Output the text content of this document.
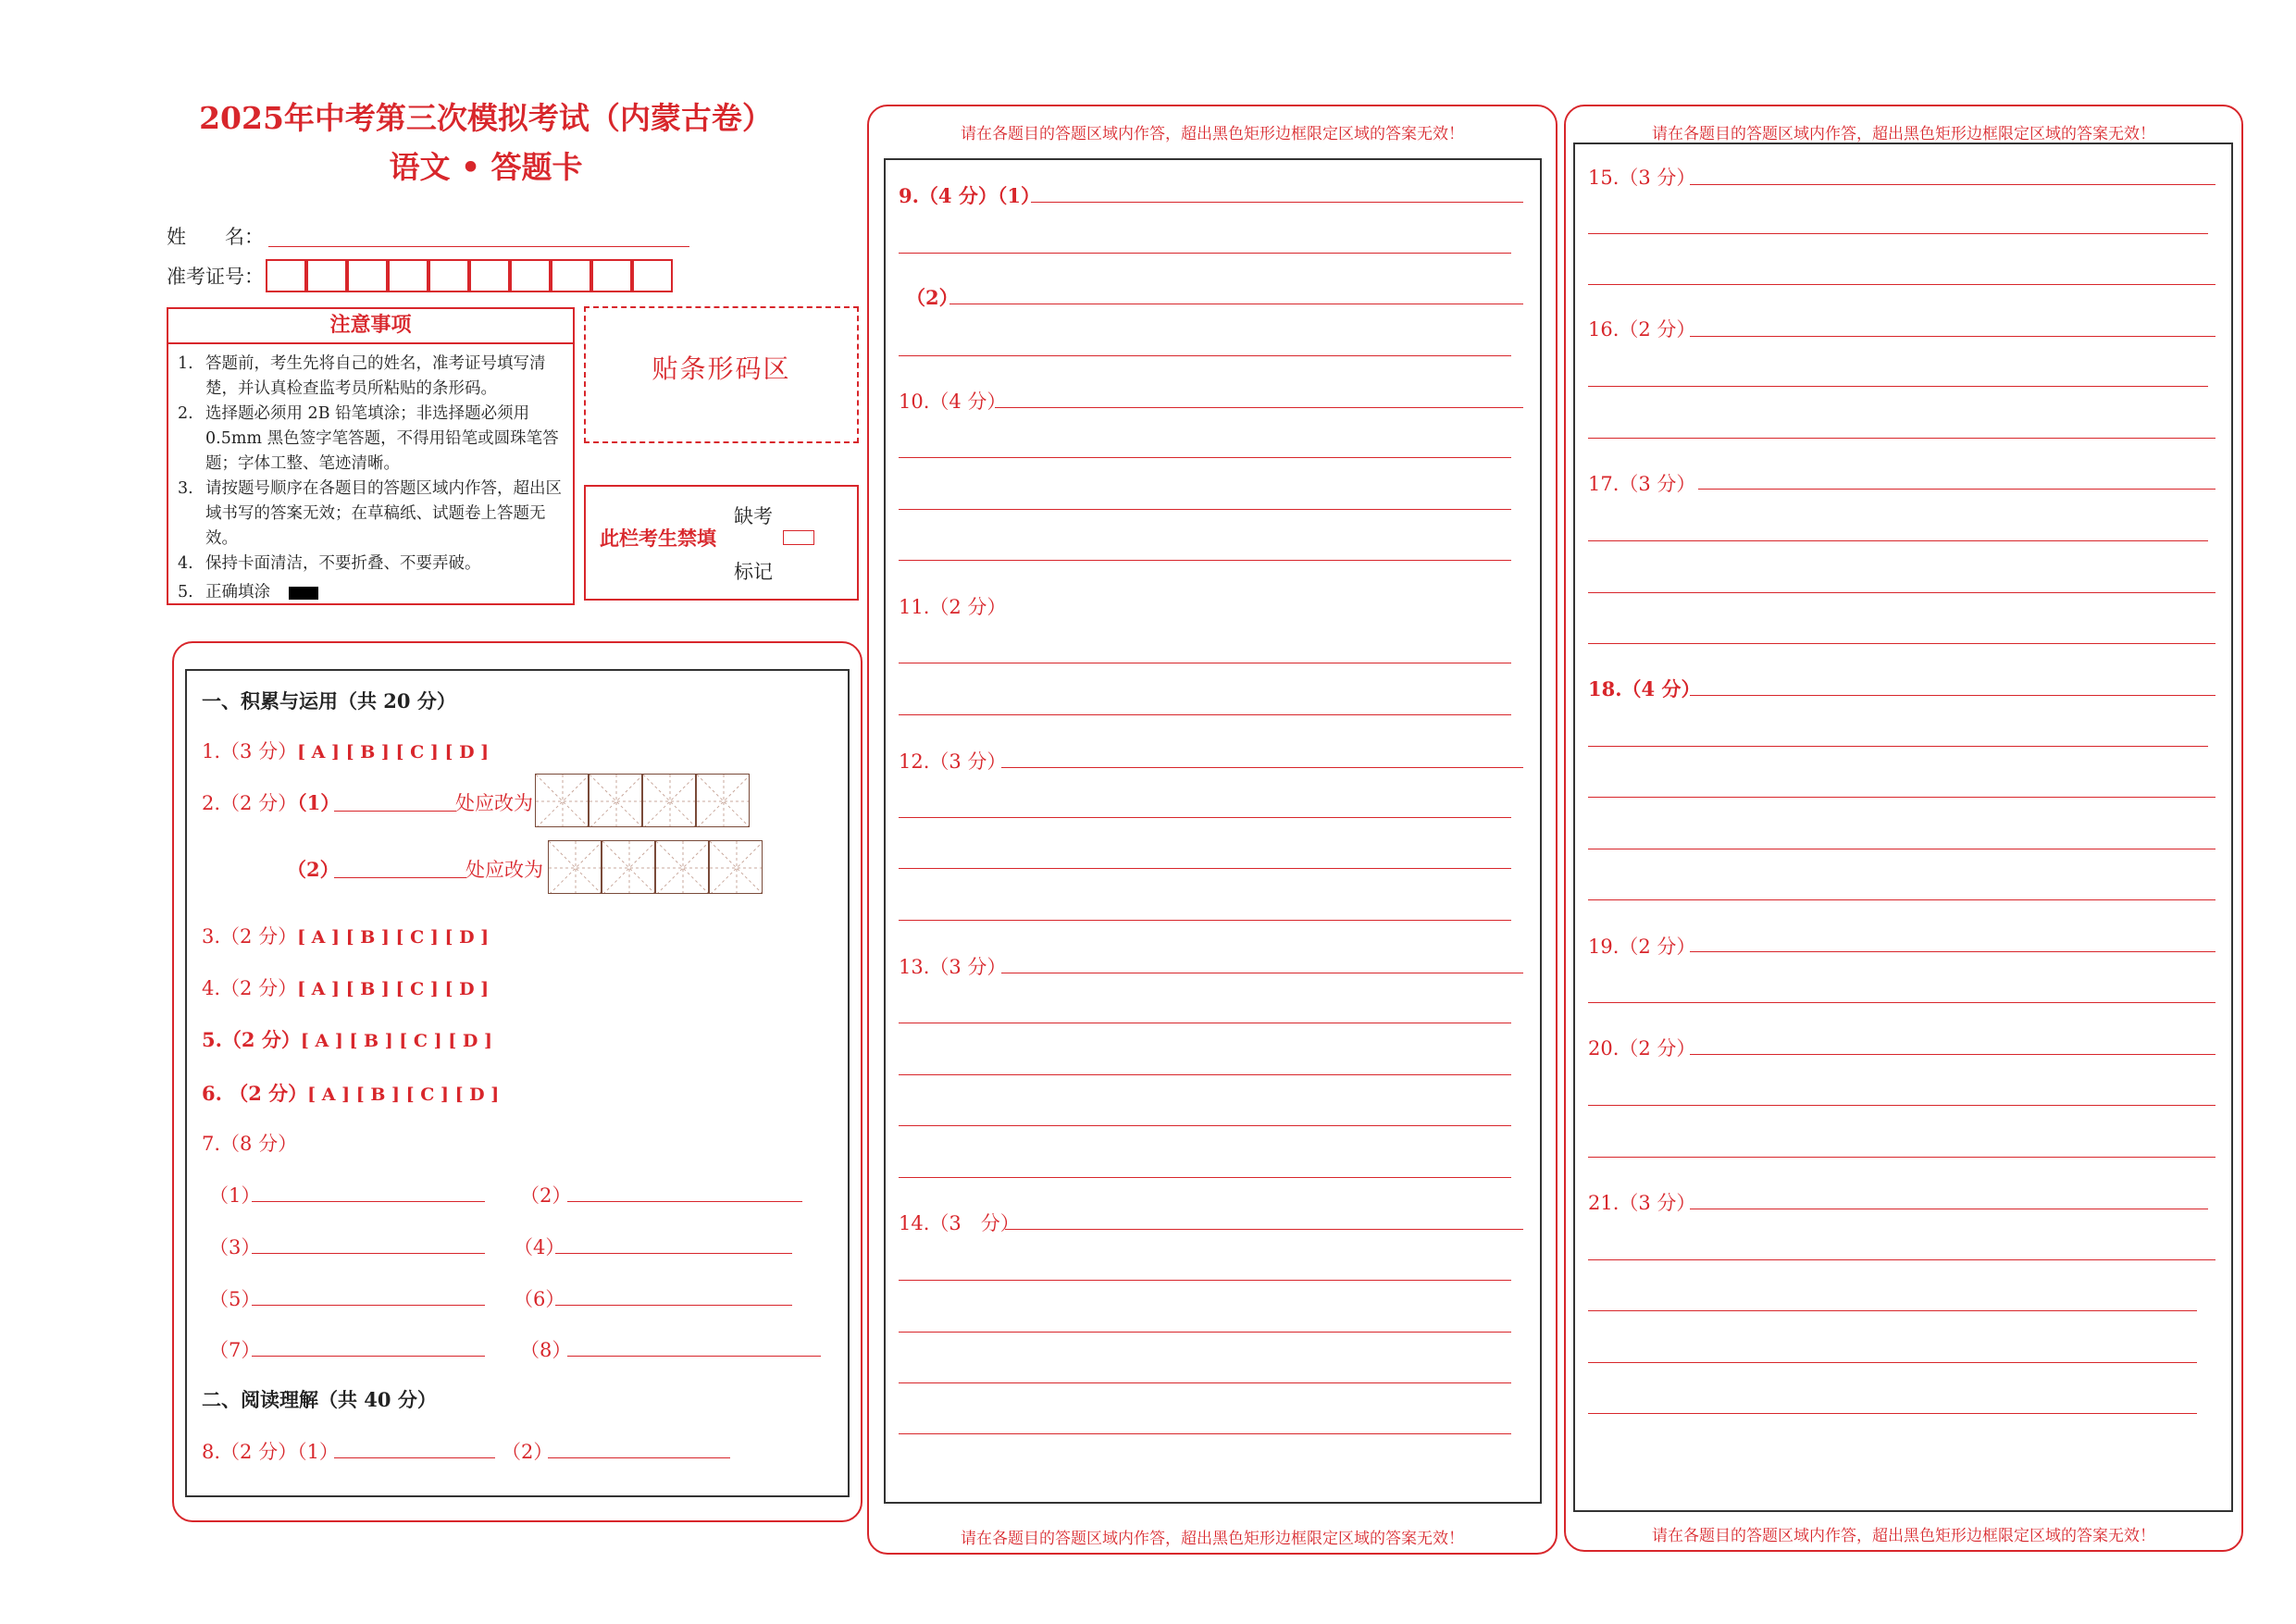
2025年中考第三次模拟考试（内蒙古卷）
语文 • 答题卡
姓　　名：
准考证号：
注意事项
1. 答题前，考生先将自己的姓名，准考证号填写清楚，并认真检查监考员所粘贴的条形码。
2. 选择题必须用 2B 铅笔填涂；非选择题必须用 0.5mm 黑色签字笔答题，不得用铅笔或圆珠笔答题；字体工整、笔迹清晰。
3. 请按题号顺序在各题目的答题区域内作答，超出区域书写的答案无效；在草稿纸、试题卷上答题无效。
4. 保持卡面清洁，不要折叠、不要弄破。
5. 正确填涂
贴条形码区
此栏考生禁填
缺考
标记
一、积累与运用（共 20 分）
1.（3 分）[ A ] [ B ] [ C ] [ D ]
2.（2 分）（1）	处应改为
（2）	处应改为
3.（2 分）[ A ] [ B ] [ C ] [ D ]
4.（2 分）[ A ] [ B ] [ C ] [ D ]
5.（2 分）[ A ] [ B ] [ C ] [ D ]
6. （2 分）[ A ] [ B ] [ C ] [ D ]
7.（8 分）
（1）	（2）
（3）	（4）
（5）	（6）
（7）	（8）
二、阅读理解（共 40 分）
8.（2 分）（1）	（2）
请在各题目的答题区域内作答，超出黑色矩形边框限定区域的答案无效！
请在各题目的答题区域内作答，超出黑色矩形边框限定区域的答案无效！
9.（4 分）（1）
（2）
10.（4 分）
11.（2 分）
12.（3 分）
13.（3 分）
14.（3　分）
请在各题目的答题区域内作答，超出黑色矩形边框限定区域的答案无效！
请在各题目的答题区域内作答，超出黑色矩形边框限定区域的答案无效！
15.（3 分）
16.（2 分）
17.（3 分）
18.（4 分）
19.（2 分）
20.（2 分）
21.（3 分）
